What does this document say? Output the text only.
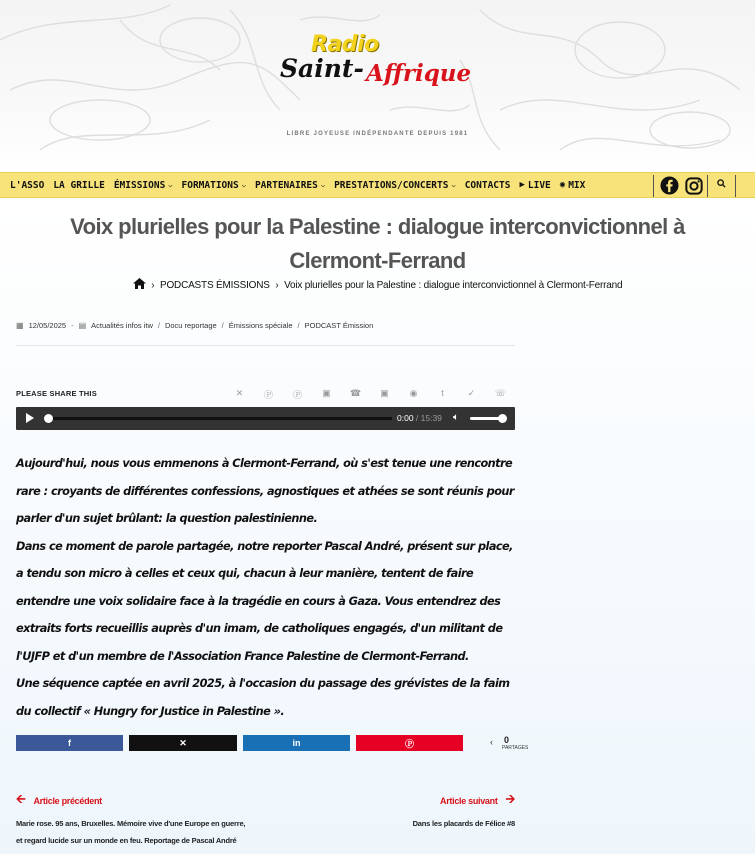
Radio
Saint- Affrique
LIBRE JOYEUSE INDÉPENDANTE DEPUIS 1981
L'ASSO LA GRILLE ÉMISSIONS ⌵ FORMATIONS ⌵ PARTENAIRES ⌵ PRESTATIONS/CONCERTS ⌵ CONTACTS ▶︎ LIVE ◉ MIX
Voix plurielles pour la Palestine : dialogue interconvictionnel à Clermont-Ferrand
› PODCASTS ÉMISSIONS › Voix plurielles pour la Palestine : dialogue interconvictionnel à Clermont-Ferrand
▦ 12/05/2025 - ▤ Actualités infos itw / Docu reportage / Émissions spéciale / PODCAST Émission
PLEASE SHARE THIS	✕	Ⓟ	Ⓟ	▣	☎	▣	◉	t	✓	☏
0:00 / 15:39 🔈︎

Aujourd'hui, nous vous emmenons à Clermont-Ferrand, où s'est tenue une rencontre rare : croyants de différentes confessions, agnostiques et athées se sont réunis pour parler d'un sujet brûlant: la question palestinienne.

Dans ce moment de parole partagée, notre reporter Pascal André, présent sur place, a tendu son micro à celles et ceux qui, chacun à leur manière, tentent de faire entendre une voix solidaire face à la tragédie en cours à Gaza. Vous entendrez des extraits forts recueillis auprès d'un imam, de catholiques engagés, d'un militant de l'UJFP et d'un membre de l'Association France Palestine de Clermont-Ferrand.

Une séquence captée en avril 2025, à l'occasion du passage des grévistes de la faim du collectif « Hungry for Justice in Palestine ».

f	✕	in	Ⓟ	‹ 0
PARTAGES
🡨 Article précédent
Marie rose. 95 ans, Bruxelles. Mémoire vive d'une Europe en guerre, et regard lucide sur un monde en feu. Reportage de Pascal André
Article suivant 🡪
Dans les placards de Félice #8
